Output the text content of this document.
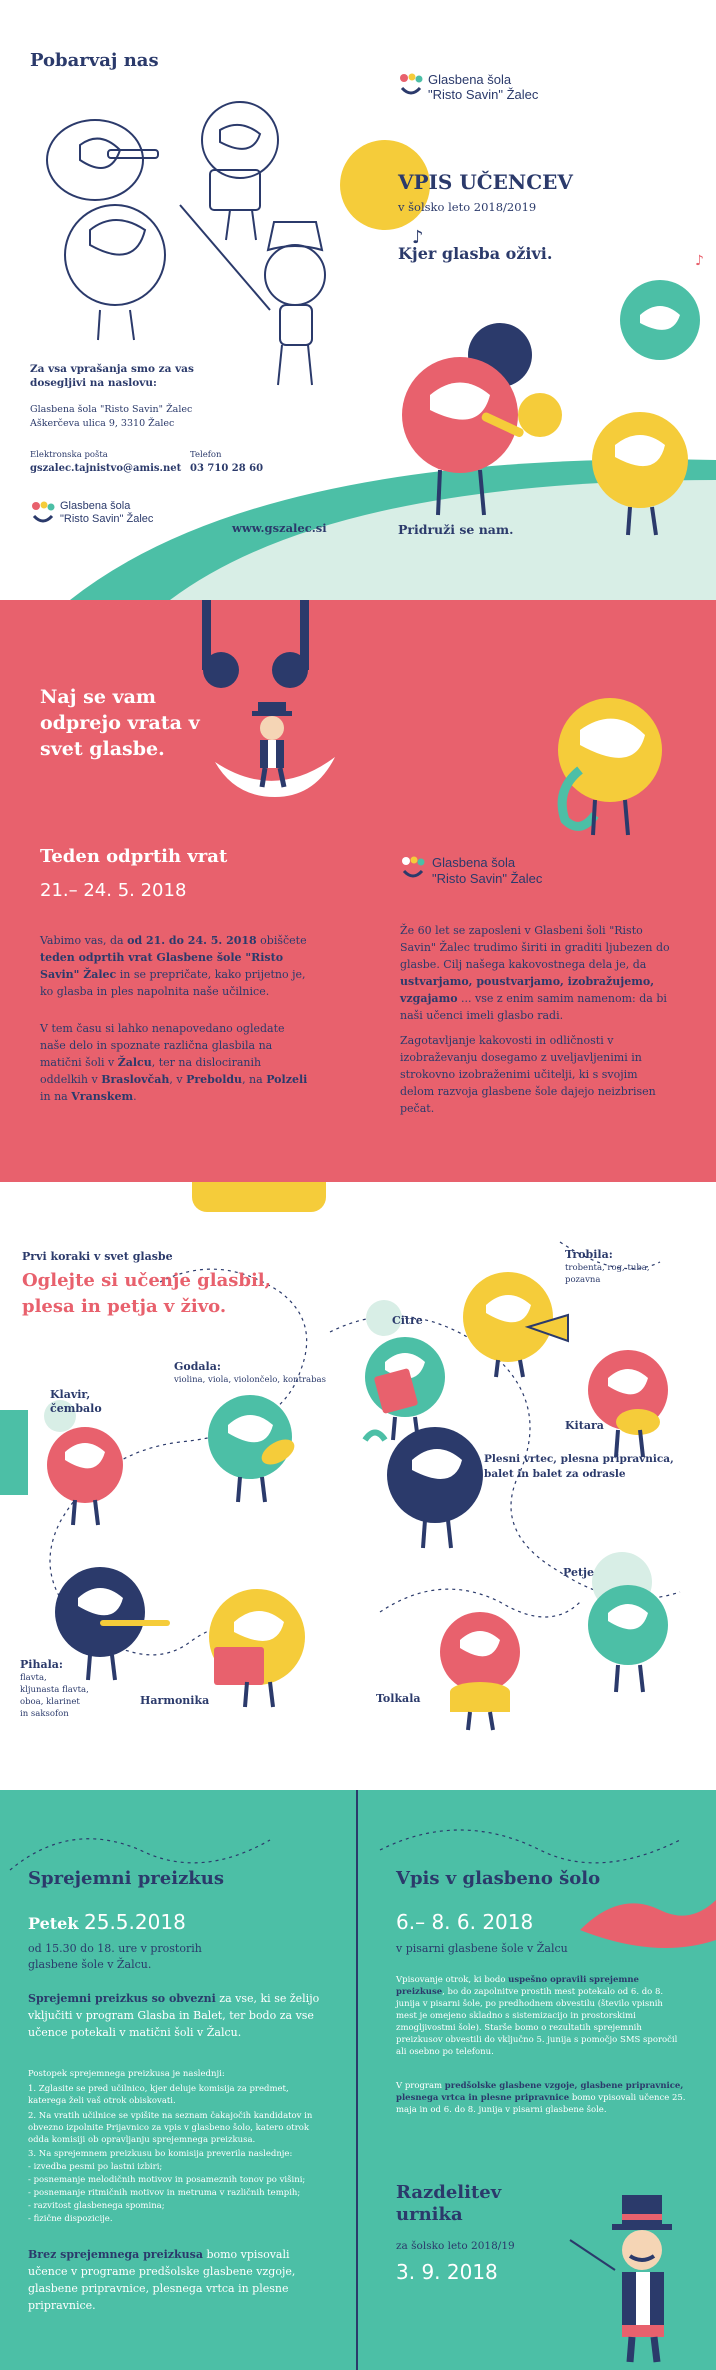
Pobarvaj nas
Za vsa vprašanja smo za vas dosegljivi na naslovu:
Glasbena šola "Risto Savin" Žalec
Aškerčeva ulica 9, 3310 Žalec
Elektronska pošta
gszalec.tajnistvo@amis.net
Telefon
03 710 28 60
Glasbena šola
"Risto Savin" Žalec
www.gszalec.si
Glasbena šola
"Risto Savin" Žalec
VPIS UČENCEV
v šolsko leto 2018/2019
Kjer glasba oživi.
♪
♪
Pridruži se nam.
Naj se vam odprejo vrata v svet glasbe.
Teden odprtih vrat
21.– 24. 5. 2018
Vabimo vas, da od 21. do 24. 5. 2018 obiščete teden odprtih vrat Glasbene šole "Risto Savin" Žalec in se prepričate, kako prijetno je, ko glasba in ples napolnita naše učilnice.
V tem času si lahko nenapovedano ogledate naše delo in spoznate različna glasbila na matični šoli v Žalcu, ter na dislociranih oddelkih v Braslovčah, v Preboldu, na Polzeli in na Vranskem.
Glasbena šola
"Risto Savin" Žalec
Že 60 let se zaposleni v Glasbeni šoli "Risto Savin" Žalec trudimo širiti in graditi ljubezen do glasbe. Cilj našega kakovostnega dela je, da ustvarjamo, poustvarjamo, izobražujemo, vzgajamo ... vse z enim samim namenom: da bi naši učenci imeli glasbo radi.
Zagotavljanje kakovosti in odličnosti v izobraževanju dosegamo z uveljavljenimi in strokovno izobraženimi učitelji, ki s svojim delom razvoja glasbene šole dajejo neizbrisen pečat.
Prvi koraki v svet glasbe
Oglejte si učenje glasbil,
plesa in petja v živo.
Citre
Trobila:
trobenta, rog, tuba,
pozavna
Godala:
violina, viola, violončelo, kontrabas
Klavir,
čembalo
Kitara
Plesni vrtec, plesna pripravnica,
balet in balet za odrasle
Petje
Pihala:
flavta,
kljunasta flavta,
oboa, klarinet
in saksofon
Harmonika	Tolkala
Sprejemni preizkus
Petek 25.5.2018
od 15.30 do 18. ure v prostorih
glasbene šole v Žalcu.
Sprejemni preizkus so obvezni za vse, ki se želijo vključiti v program Glasba in Balet, ter bodo za vse učence potekali v matični šoli v Žalcu.
Postopek sprejemnega preizkusa je naslednji:
1. Zglasite se pred učilnico, kjer deluje komisija za predmet, katerega želi vaš otrok obiskovati.
2. Na vratih učilnice se vpišite na seznam čakajočih kandidatov in obvezno izpolnite Prijavnico za vpis v glasbeno šolo, katero otrok odda komisiji ob opravljanju sprejemnega preizkusa.
3. Na sprejemnem preizkusu bo komisija preverila naslednje:
- izvedba pesmi po lastni izbiri;
- posnemanje melodičnih motivov in posameznih tonov po višini;
- posnemanje ritmičnih motivov in metruma v različnih tempih;
- razvitost glasbenega spomina;
- fizične dispozicije.
Brez sprejemnega preizkusa bomo vpisovali učence v programe predšolske glasbene vzgoje, glasbene pripravnice, plesnega vrtca in plesne pripravnice.
Vpis v glasbeno šolo
6.– 8. 6. 2018
v pisarni glasbene šole v Žalcu
Vpisovanje otrok, ki bodo uspešno opravili sprejemne preizkuse, bo do zapolnitve prostih mest potekalo od 6. do 8. junija v pisarni šole, po predhodnem obvestilu (število vpisnih mest je omejeno skladno s sistemizacijo in prostorskimi zmogljivostmi šole). Starše bomo o rezultatih sprejemnih preizkusov obvestili do vključno 5. junija s pomočjo SMS sporočil ali osebno po telefonu.
V program predšolske glasbene vzgoje, glasbene pripravnice, plesnega vrtca in plesne pripravnice bomo vpisovali učence 25. maja in od 6. do 8. junija v pisarni glasbene šole.
Razdelitev
urnika
za šolsko leto 2018/19
3. 9. 2018
